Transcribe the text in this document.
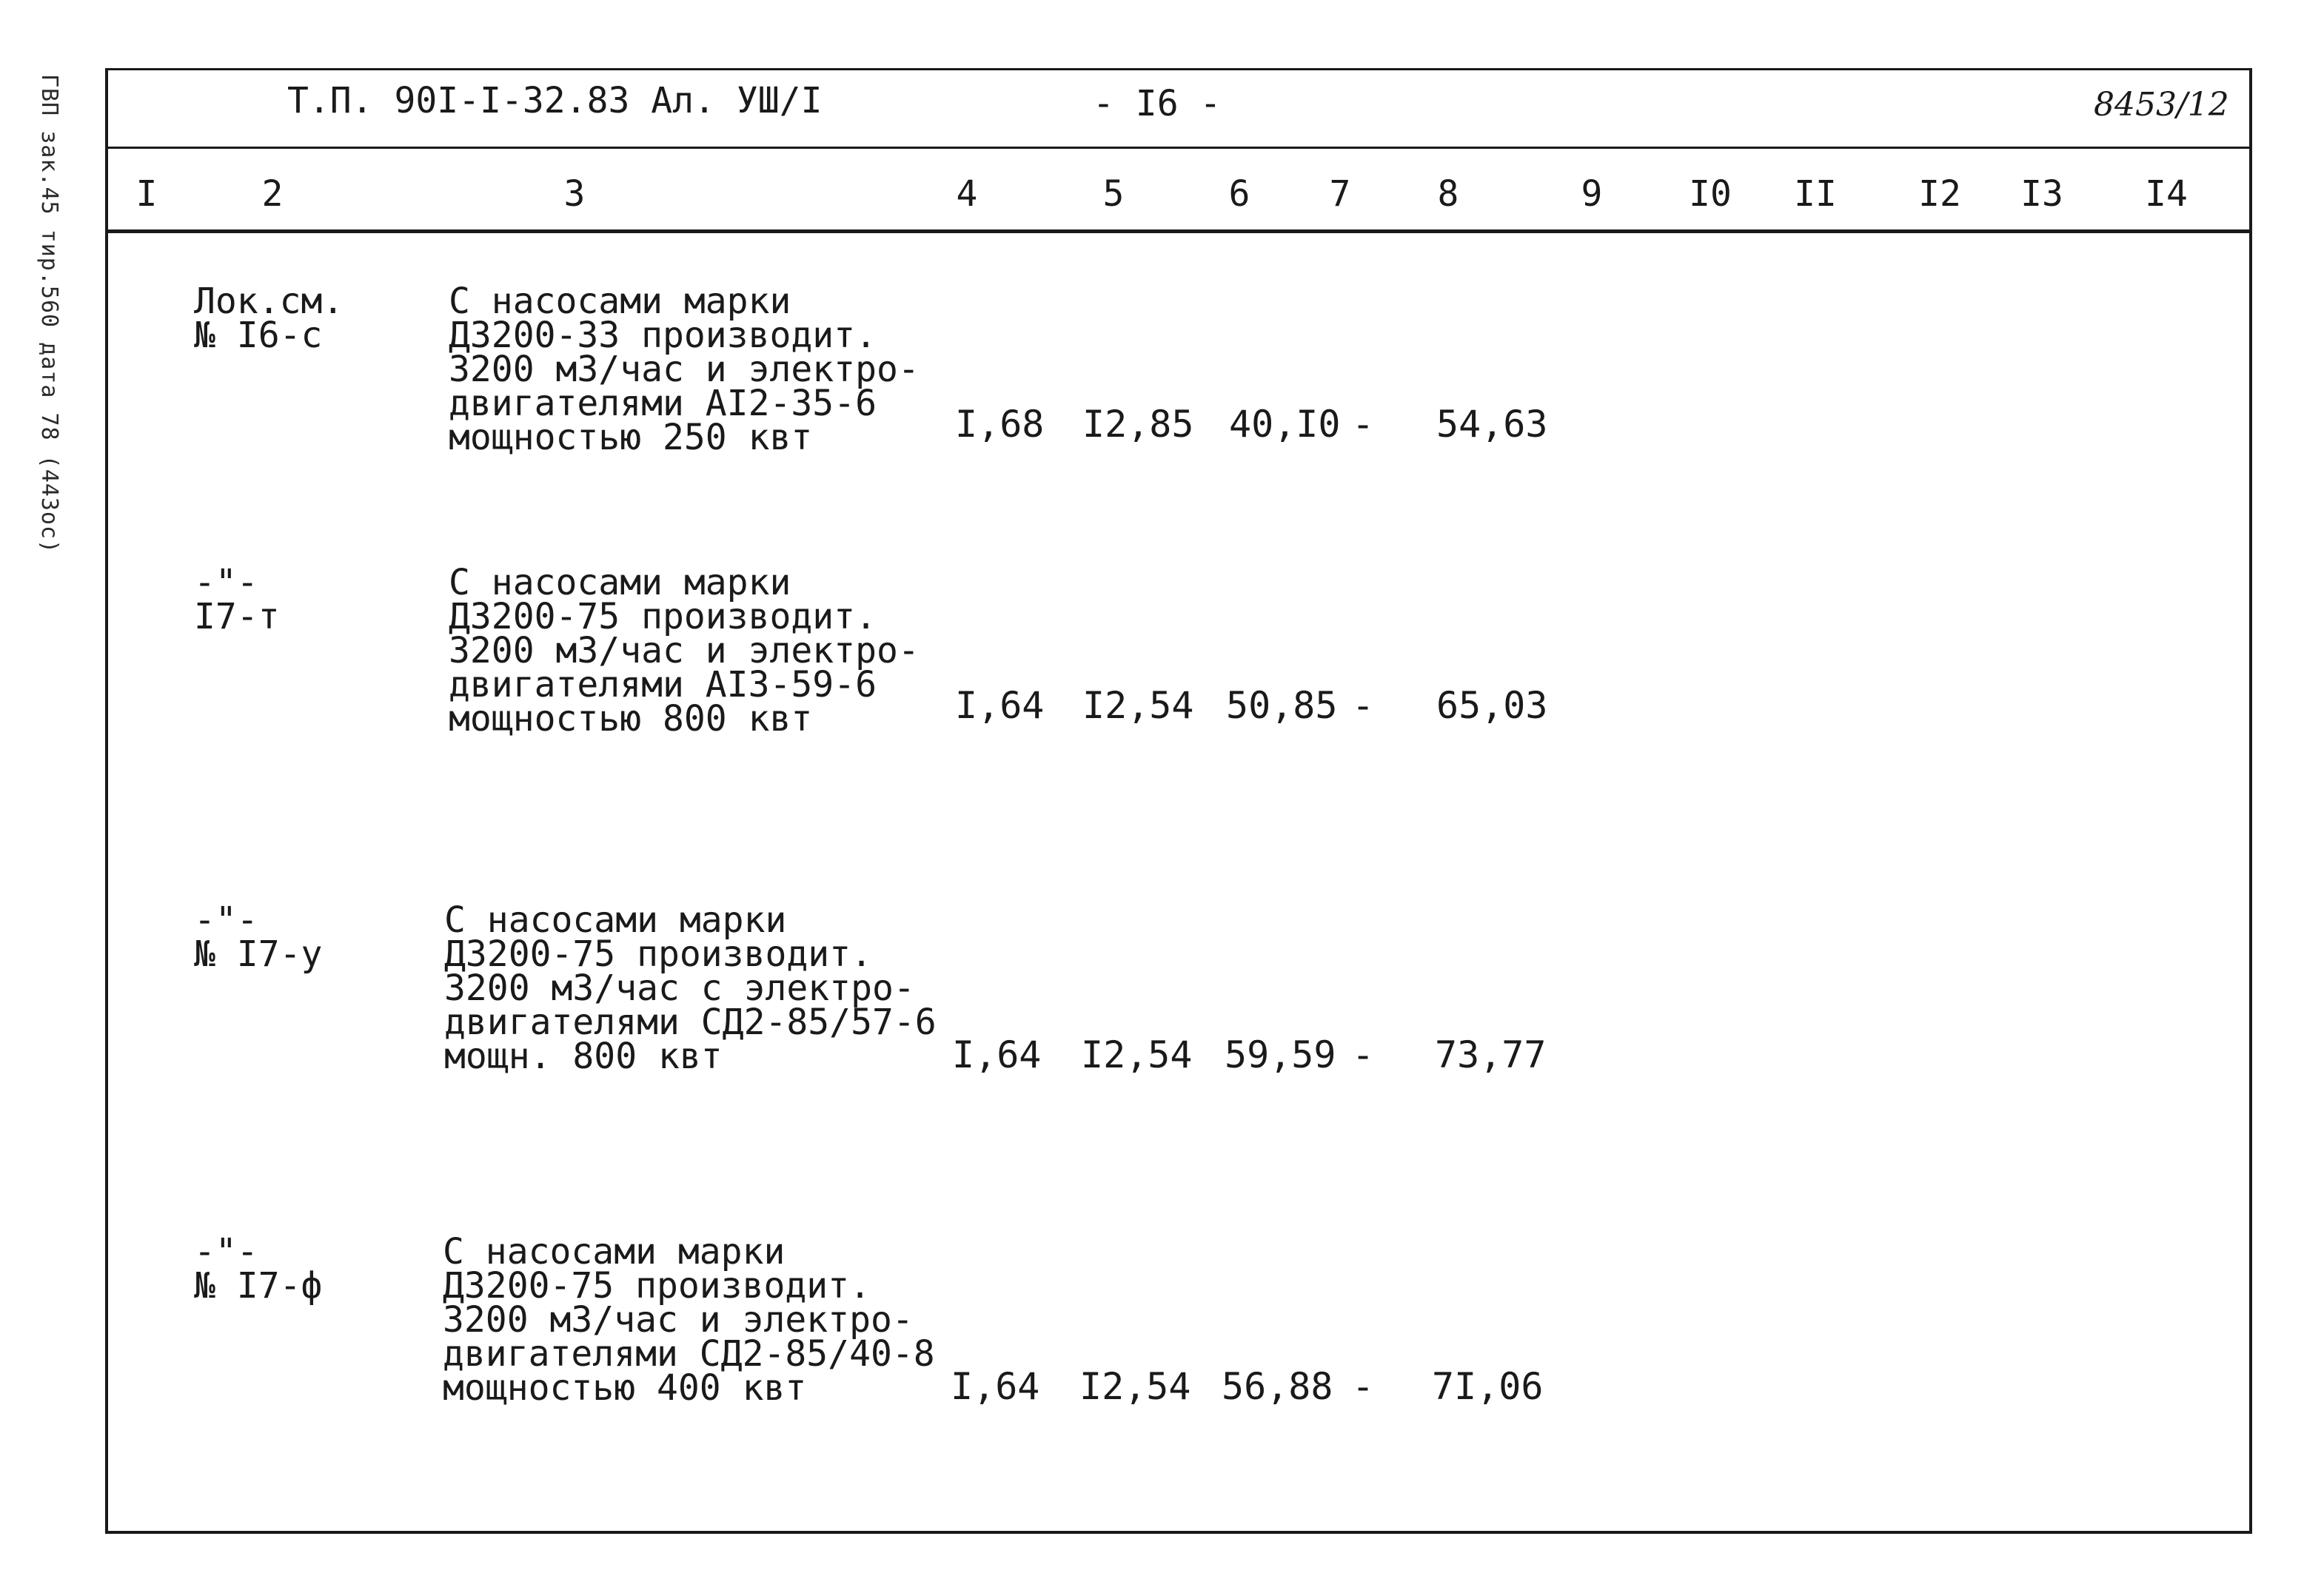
ГВП зак.45 тир.560 дата 78 (443ос)	Т.П. 90I-I-32.83 Ал. УШ/I	- I6 -	8453/12
I	2	3	4	5	6 7 8	9 I0 II I2 I3 I4
Лок.см.
№ I6-с
С насосами марки
Д3200-33 производит.
3200 м3/час и электро-
двигателями АI2-35-6
мощностью 250 квт	I,68 I2,85 40,I0 - 54,63
-"-
I7-т
С насосами марки
Д3200-75 производит.
3200 м3/час и электро-
двигателями АI3-59-6
мощностью 800 квт	I,64 I2,54 50,85 - 65,03
-"-
№ I7-у
С насосами марки
Д3200-75 производит.
3200 м3/час с электро-
двигателями СД2-85/57-6
мощн. 800 квт	I,64 I2,54 59,59 - 73,77
-"-
№ I7-ф
С насосами марки
Д3200-75 производит.
3200 м3/час и электро-
двигателями СД2-85/40-8
мощностью 400 квт	I,64 I2,54 56,88 - 7I,06
